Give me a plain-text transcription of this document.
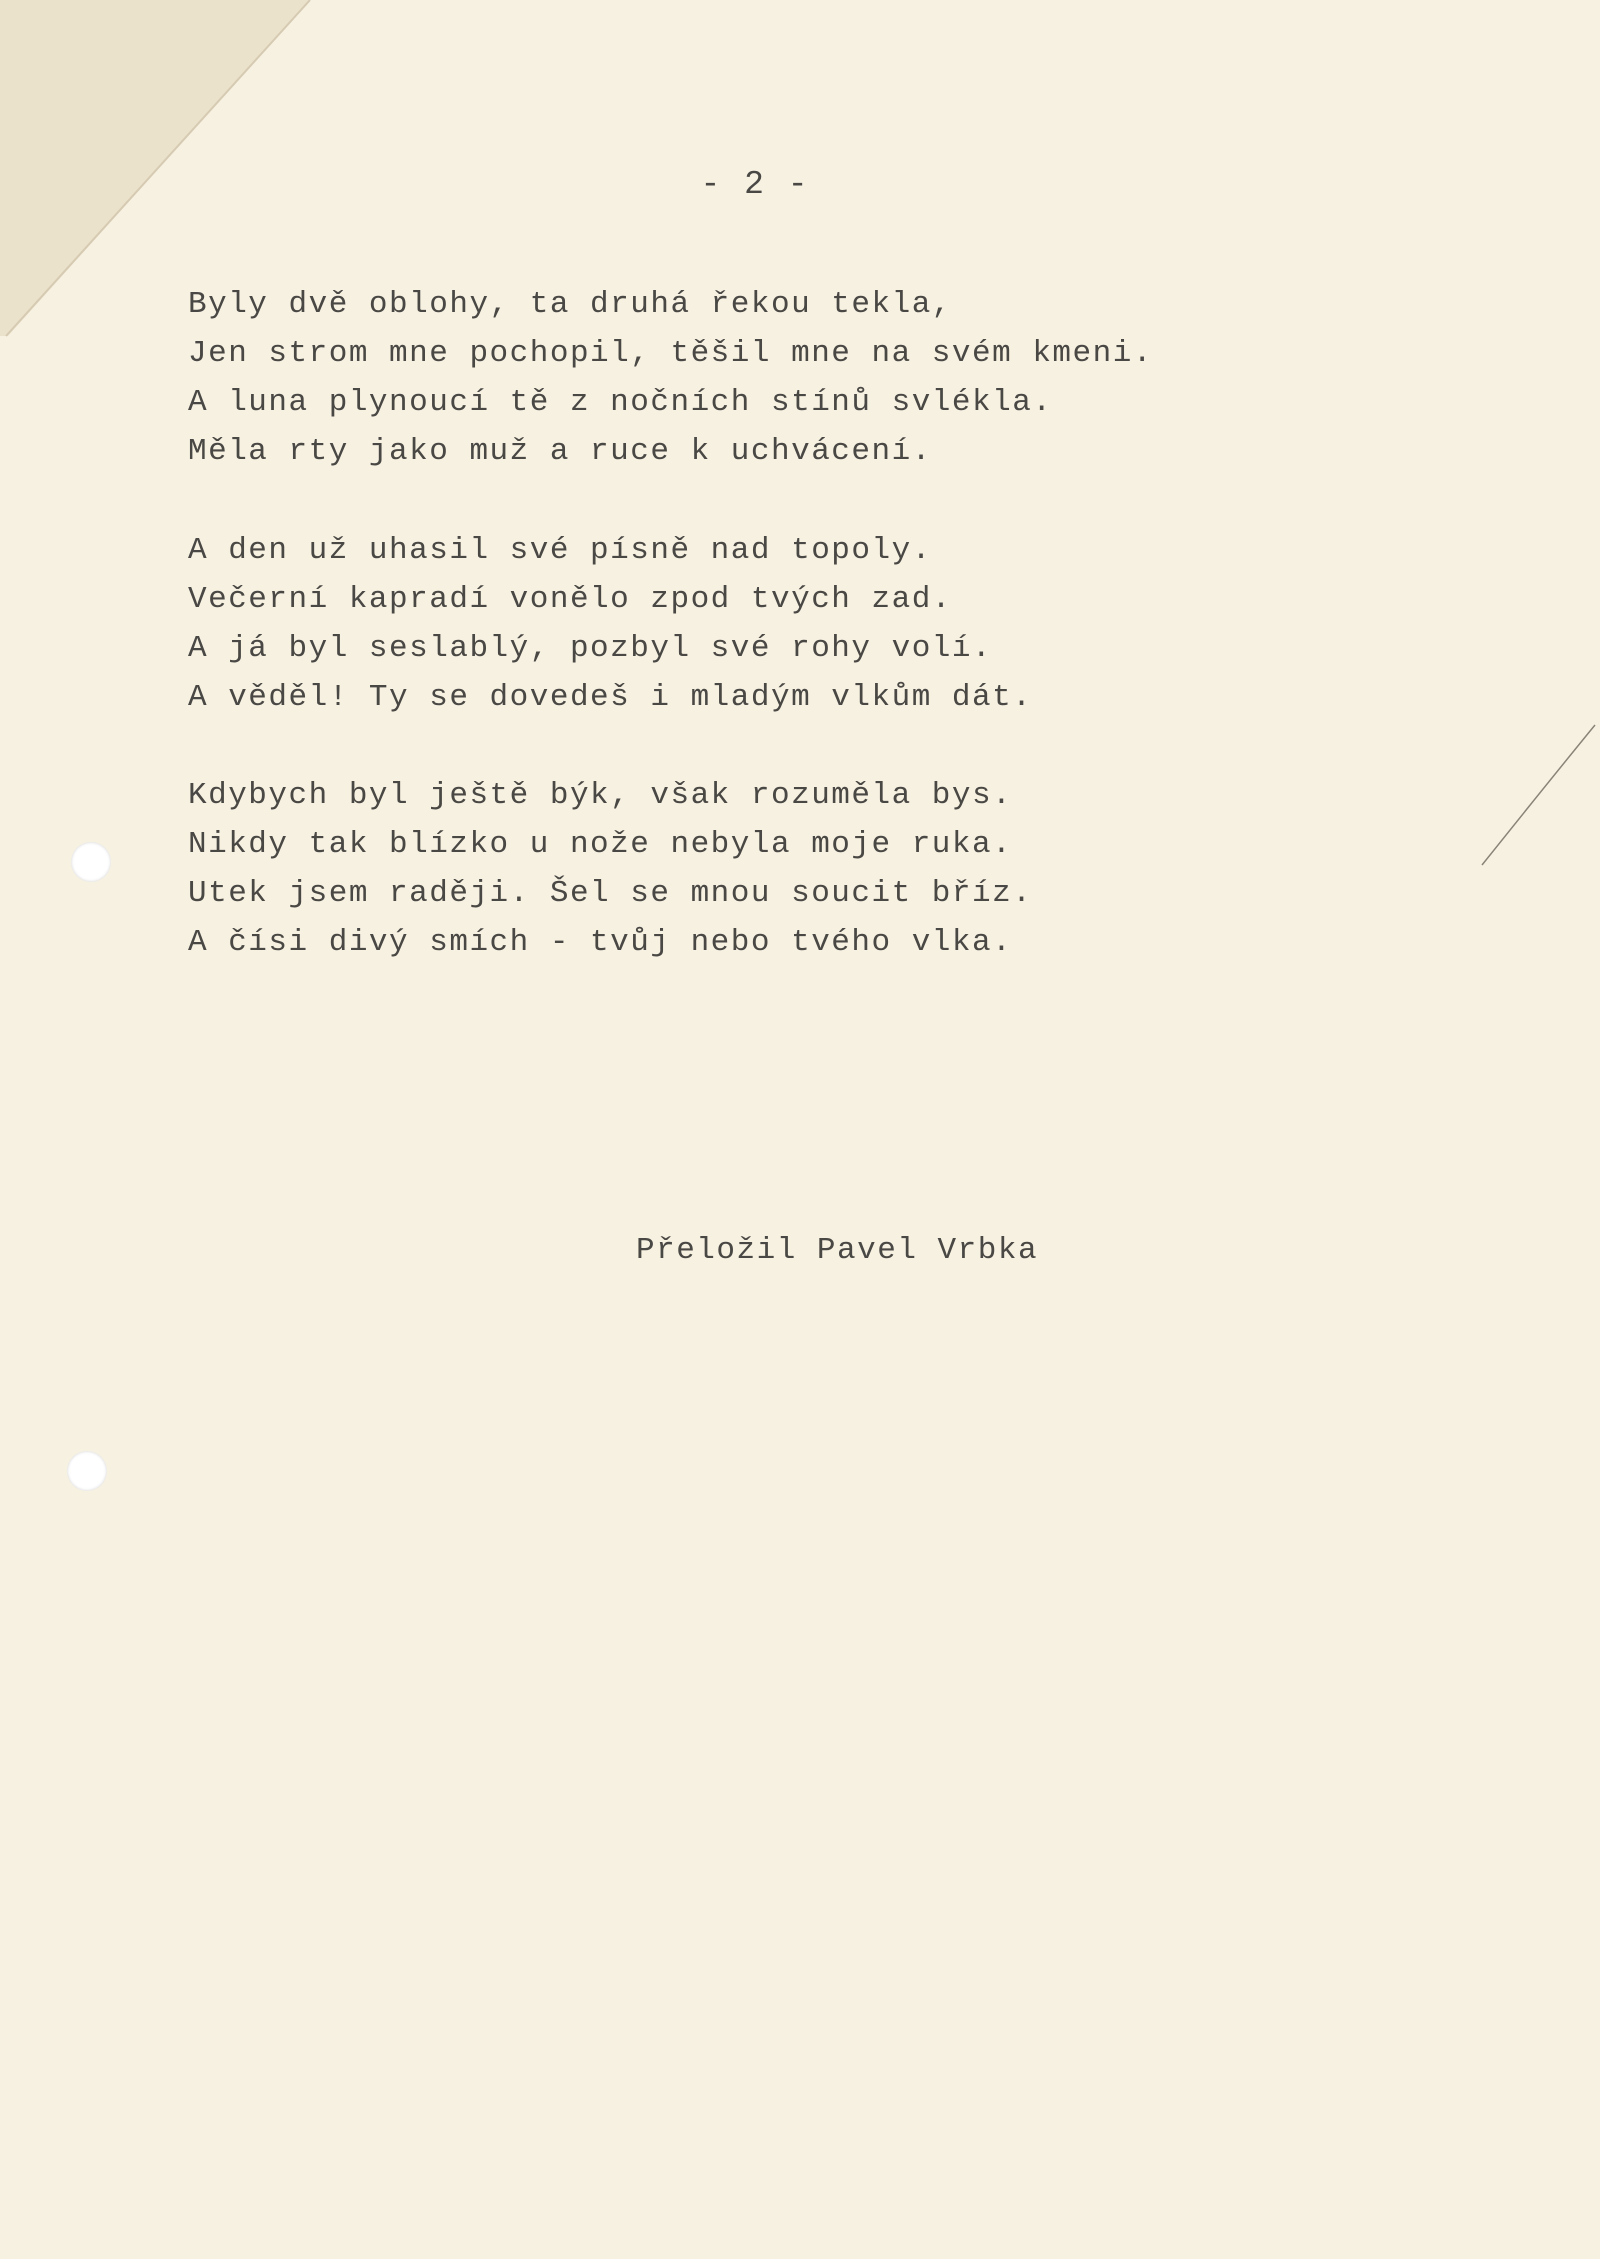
- 2 -
Byly dvě oblohy, ta druhá řekou tekla,
Jen strom mne pochopil, těšil mne na svém kmeni.
A luna plynoucí tě z nočních stínů svlékla.
Měla rty jako muž a ruce k uchvácení.
A den už uhasil své písně nad topoly.
Večerní kapradí vonělo zpod tvých zad.
A já byl seslablý, pozbyl své rohy volí.
A věděl! Ty se dovedeš i mladým vlkům dát.
Kdybych byl ještě býk, však rozuměla bys.
Nikdy tak blízko u nože nebyla moje ruka.
Utek jsem raději. Šel se mnou soucit bříz.
A čísi divý smích - tvůj nebo tvého vlka.
Přeložil Pavel Vrbka
